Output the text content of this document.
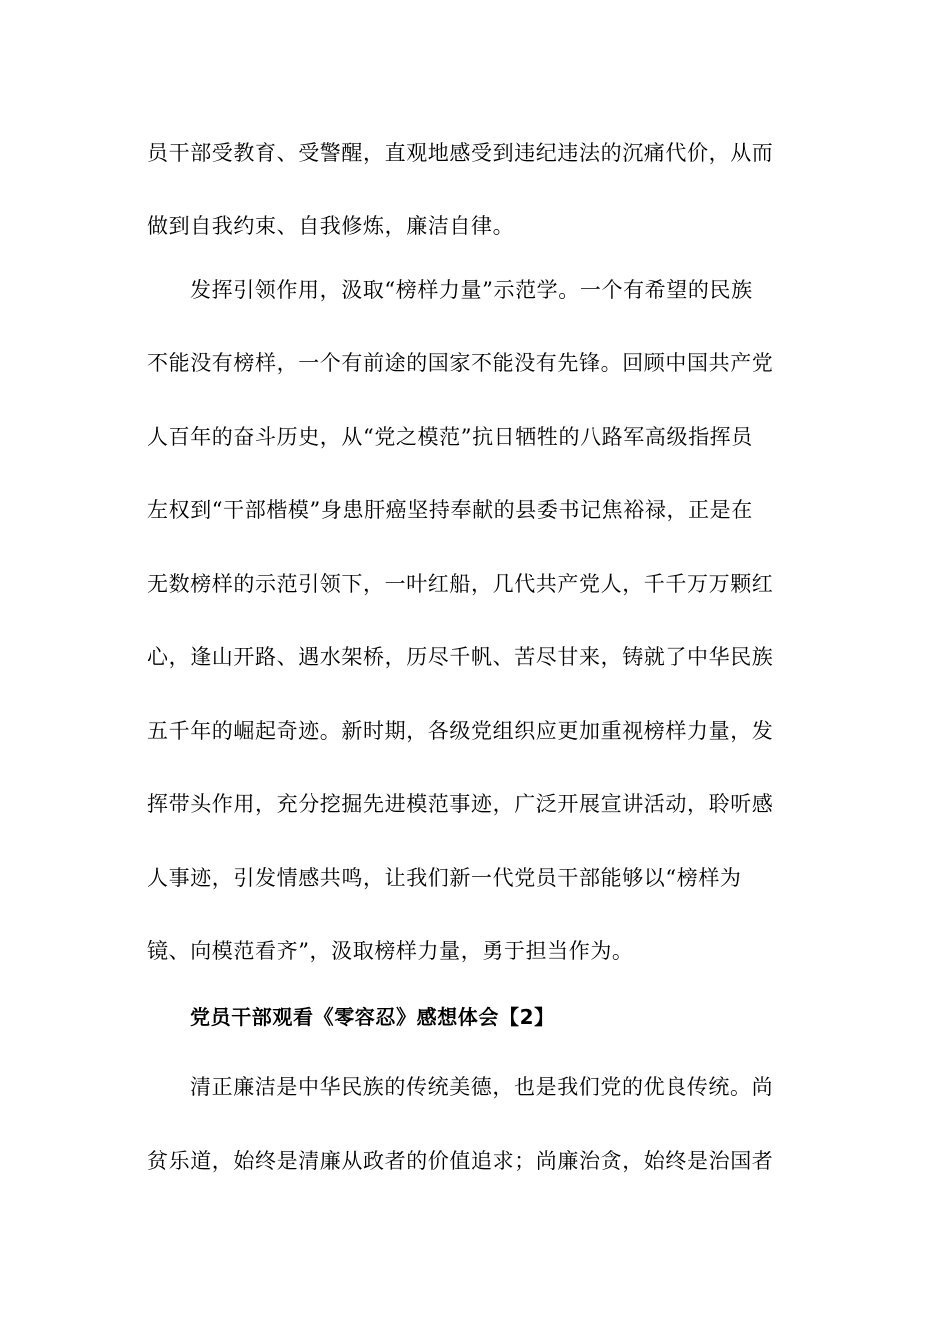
员干部受教育、受警醒，直观地感受到违纪违法的沉痛代价，从而
做到自我约束、自我修炼，廉洁自律。
发挥引领作用，汲取“榜样力量”示范学。一个有希望的民族
不能没有榜样，一个有前途的国家不能没有先锋。回顾中国共产党
人百年的奋斗历史，从“党之模范”抗日牺牲的八路军高级指挥员
左权到“干部楷模”身患肝癌坚持奉献的县委书记焦裕禄，正是在
无数榜样的示范引领下，一叶红船，几代共产党人，千千万万颗红
心，逢山开路、遇水架桥，历尽千帆、苦尽甘来，铸就了中华民族
五千年的崛起奇迹。新时期，各级党组织应更加重视榜样力量，发
挥带头作用，充分挖掘先进模范事迹，广泛开展宣讲活动，聆听感
人事迹，引发情感共鸣，让我们新一代党员干部能够以“榜样为
镜、向模范看齐”，汲取榜样力量，勇于担当作为。
党员干部观看《零容忍》感想体会【2】
清正廉洁是中华民族的传统美德，也是我们党的优良传统。尚
贫乐道，始终是清廉从政者的价值追求；尚廉治贪，始终是治国者
